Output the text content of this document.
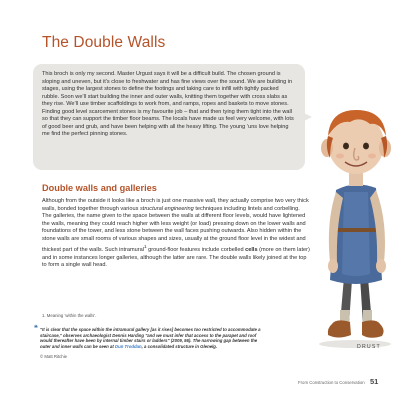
The Double Walls

This broch is only my second. Master Urgust says it will be a difficult build. The chosen ground is sloping and uneven, but it’s close to freshwater and has fine views over the sound. We are building in stages, using the largest stones to define the footings and taking care to infill with tightly packed rubble. Soon we’ll start building the inner and outer walls, knitting them together with cross slabs as they rise. We’ll use timber scaffoldings to work from, and ramps, ropes and baskets to move stones. Finding good level scarcement stones is my favourite job – that and then tying them tight into the wall so that they can support the timber floor beams. The locals have made us feel very welcome, with lots of good beer and grub, and have been helping with all the heavy lifting. The young ’uns love helping me find the perfect pinning stones.

Double walls and galleries

Although from the outside it looks like a broch is just one massive wall, they actually comprise two very thick walls, bonded together through various structural engineering techniques including lintels and corbelling. The galleries, the name given to the space between the walls at different floor levels, would have lightened the walls, meaning they could reach higher with less weight (or load) pressing down on the lower walls and foundations of the tower, and less stone between the wall faces pushing outwards. Also hidden within the stone walls are small rooms of various shapes and sizes, usually at the ground floor level in the widest and thickest part of the walls. Such intramural$^1$ ground-floor features include corbelled cells (more on them later) and in some instances longer galleries, although the latter are rare. The double walls likely joined at the top to form a single wall head.

1. Meaning ‘within the walls’.

❝ "It is clear that the space within the intramural gallery [as it rises] becomes too restricted to accommodate a staircase," observes archaeologist Dennis Harding "and we must infer that access to the parapet and roof would thereafter have been by internal timber stairs or ladders" (2009, 56). The narrowing gap between the outer and inner walls can be seen at Dun Troddan, a consolidated structure in Glenelg.

© Matt Ritchie

DRUST

From Construction to Conservation 51
